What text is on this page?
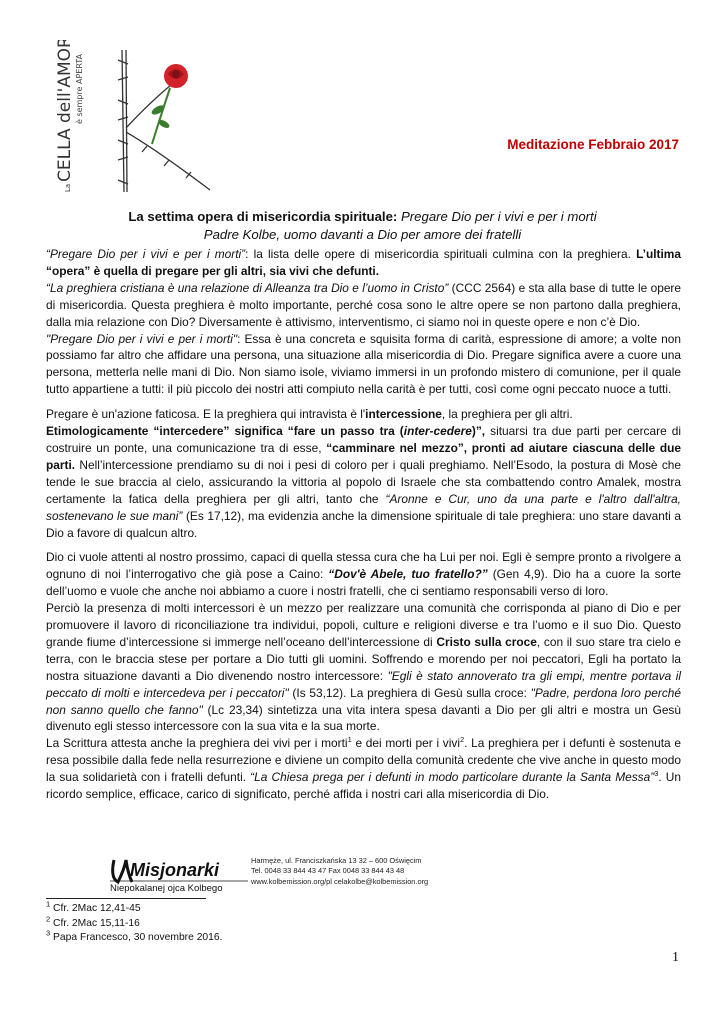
La
CELLA dell'AMORE è sempre APERTA
Meditazione Febbraio 2017
La settima opera di misericordia spirituale: Pregare Dio per i vivi e per i morti
Padre Kolbe, uomo davanti a Dio per amore dei fratelli

“Pregare Dio per i vivi e per i morti”: la lista delle opere di misericordia spirituali culmina con la preghiera. L’ultima “opera” è quella di pregare per gli altri, sia vivi che defunti.

“La preghiera cristiana è una relazione di Alleanza tra Dio e l’uomo in Cristo” (CCC 2564) e sta alla base di tutte le opere di misericordia. Questa preghiera è molto importante, perché cosa sono le altre opere se non partono dalla preghiera, dalla mia relazione con Dio? Diversamente è attivismo, interventismo, ci siamo noi in queste opere e non c’è Dio.

"Pregare Dio per i vivi e per i morti": Essa è una concreta e squisita forma di carità, espressione di amore; a volte non possiamo far altro che affidare una persona, una situazione alla misericordia di Dio. Pregare significa avere a cuore una persona, metterla nelle mani di Dio. Non siamo isole, viviamo immersi in un profondo mistero di comunione, per il quale tutto appartiene a tutti: il più piccolo dei nostri atti compiuto nella carità è per tutti, così come ogni peccato nuoce a tutti.

Pregare è un'azione faticosa. E la preghiera qui intravista è l'intercessione, la preghiera per gli altri.

Etimologicamente “intercedere” significa “fare un passo tra (inter-cedere)”, situarsi tra due parti per cercare di costruire un ponte, una comunicazione tra di esse, “camminare nel mezzo”, pronti ad aiutare ciascuna delle due parti. Nell’intercessione prendiamo su di noi i pesi di coloro per i quali preghiamo. Nell’Esodo, la postura di Mosè che tende le sue braccia al cielo, assicurando la vittoria al popolo di Israele che sta combattendo contro Amalek, mostra certamente la fatica della preghiera per gli altri, tanto che “Aronne e Cur, uno da una parte e l'altro dall'altra, sostenevano le sue mani” (Es 17,12), ma evidenzia anche la dimensione spirituale di tale preghiera: uno stare davanti a Dio a favore di qualcun altro.

Dio ci vuole attenti al nostro prossimo, capaci di quella stessa cura che ha Lui per noi. Egli è sempre pronto a rivolgere a ognuno di noi l’interrogativo che già pose a Caino: “Dov'è Abele, tuo fratello?” (Gen 4,9). Dio ha a cuore la sorte dell’uomo e vuole che anche noi abbiamo a cuore i nostri fratelli, che ci sentiamo responsabili verso di loro.

Perciò la presenza di molti intercessori è un mezzo per realizzare una comunità che corrisponda al piano di Dio e per promuovere il lavoro di riconciliazione tra individui, popoli, culture e religioni diverse e tra l’uomo e il suo Dio. Questo grande fiume d’intercessione si immerge nell’oceano dell’intercessione di Cristo sulla croce, con il suo stare tra cielo e terra, con le braccia stese per portare a Dio tutti gli uomini. Soffrendo e morendo per noi peccatori, Egli ha portato la nostra situazione davanti a Dio divenendo nostro intercessore: "Egli è stato annoverato tra gli empi, mentre portava il peccato di molti e intercedeva per i peccatori" (Is 53,12). La preghiera di Gesù sulla croce: "Padre, perdona loro perché non sanno quello che fanno" (Lc 23,34) sintetizza una vita intera spesa davanti a Dio per gli altri e mostra un Gesù divenuto egli stesso intercessore con la sua vita e la sua morte.

La Scrittura attesta anche la preghiera dei vivi per i morti$^1$ e dei morti per i vivi$^2$. La preghiera per i defunti è sostenuta e resa possibile dalla fede nella resurrezione e diviene un compito della comunità credente che vive anche in questo modo la sua solidarietà con i fratelli defunti. “La Chiesa prega per i defunti in modo particolare durante la Santa Messa”$^3$. Un ricordo semplice, efficace, carico di significato, perché affida i nostri cari alla misericordia di Dio.

Misjonarki
Niepokalanej ojca Kolbego
Harmęże, ul. Franciszkańska 13 32 – 600 Oświęcim
Tel. 0048 33 844 43 47 Fax 0048 33 844 43 48
www.kolbemission.org/pl celakolbe@kolbemission.org
$^1$ Cfr. 2Mac 12,41-45
$^2$ Cfr. 2Mac 15,11-16
$^3$ Papa Francesco, 30 novembre 2016.
1
